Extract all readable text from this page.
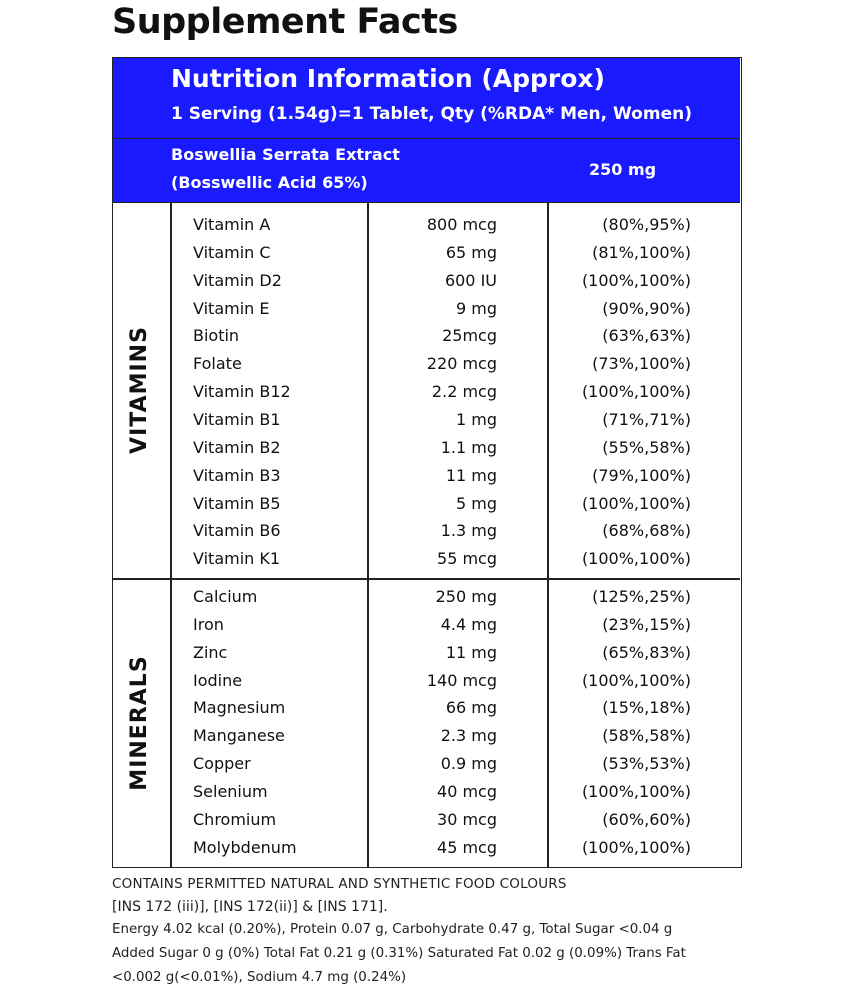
Supplement Facts
Nutrition Information (Approx)
1 Serving (1.54g)=1 Tablet, Qty (%RDA* Men, Women)
Boswellia Serrata Extract
(Bosswellic Acid 65%)
250 mg
VITAMINS
MINERALS
Vitamin A	800 mcg	(80%,95%)
Vitamin C	65 mg	(81%,100%)
Vitamin D2	600 IU	(100%,100%)
Vitamin E	9 mg	(90%,90%)
Biotin	25mcg	(63%,63%)
Folate	220 mcg	(73%,100%)
Vitamin B12	2.2 mcg	(100%,100%)
Vitamin B1	1 mg	(71%,71%)
Vitamin B2	1.1 mg	(55%,58%)
Vitamin B3	11 mg	(79%,100%)
Vitamin B5	5 mg	(100%,100%)
Vitamin B6	1.3 mg	(68%,68%)
Vitamin K1	55 mcg	(100%,100%)
Calcium	250 mg	(125%,25%)
Iron	4.4 mg	(23%,15%)
Zinc	11 mg	(65%,83%)
Iodine	140 mcg	(100%,100%)
Magnesium	66 mg	(15%,18%)
Manganese	2.3 mg	(58%,58%)
Copper	0.9 mg	(53%,53%)
Selenium	40 mcg	(100%,100%)
Chromium	30 mcg	(60%,60%)
Molybdenum	45 mcg	(100%,100%)
CONTAINS PERMITTED NATURAL AND SYNTHETIC FOOD COLOURS
[INS 172 (iii)], [INS 172(ii)] & [INS 171].
Energy 4.02 kcal (0.20%), Protein 0.07 g, Carbohydrate 0.47 g, Total Sugar <0.04 g
Added Sugar 0 g (0%) Total Fat 0.21 g (0.31%) Saturated Fat 0.02 g (0.09%) Trans Fat
<0.002 g(<0.01%), Sodium 4.7 mg (0.24%)
